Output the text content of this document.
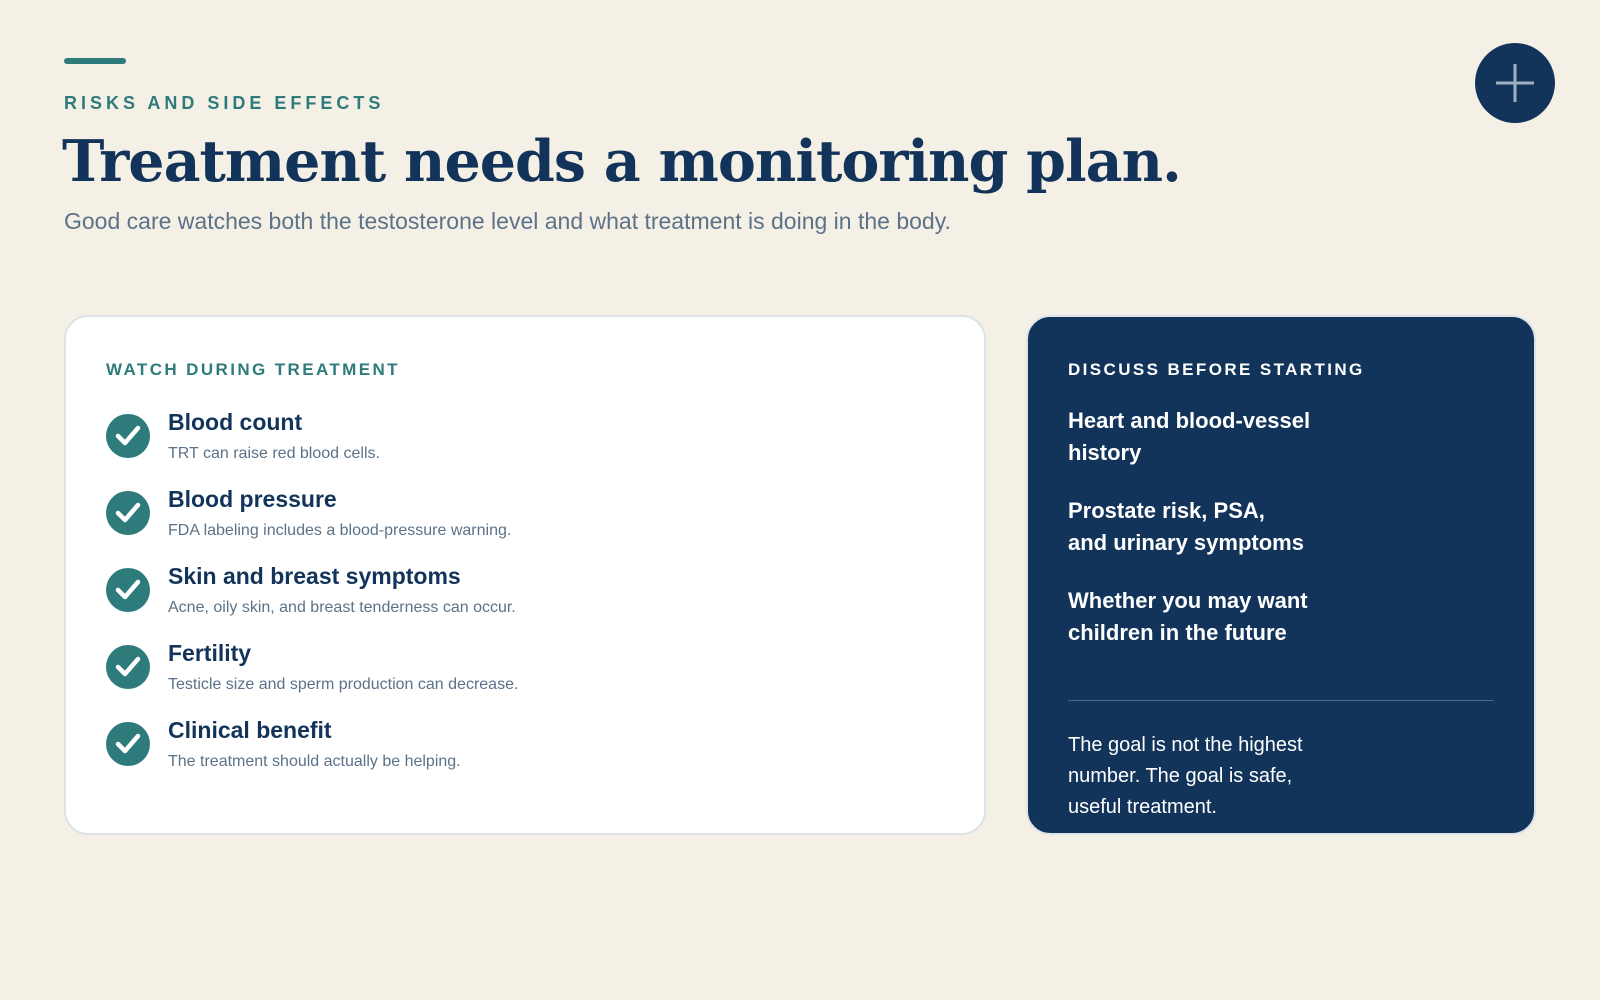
RISKS AND SIDE EFFECTS
Treatment needs a monitoring plan.

Good care watches both the testosterone level and what treatment is doing in the body.

WATCH DURING TREATMENT
Blood count
TRT can raise red blood cells.
Blood pressure
FDA labeling includes a blood-pressure warning.
Skin and breast symptoms
Acne, oily skin, and breast tenderness can occur.
Fertility
Testicle size and sperm production can decrease.
Clinical benefit
The treatment should actually be helping.
DISCUSS BEFORE STARTING
Heart and blood-vessel
history
Prostate risk, PSA,
and urinary symptoms
Whether you may want
children in the future

The goal is not the highest
number. The goal is safe,
useful treatment.
